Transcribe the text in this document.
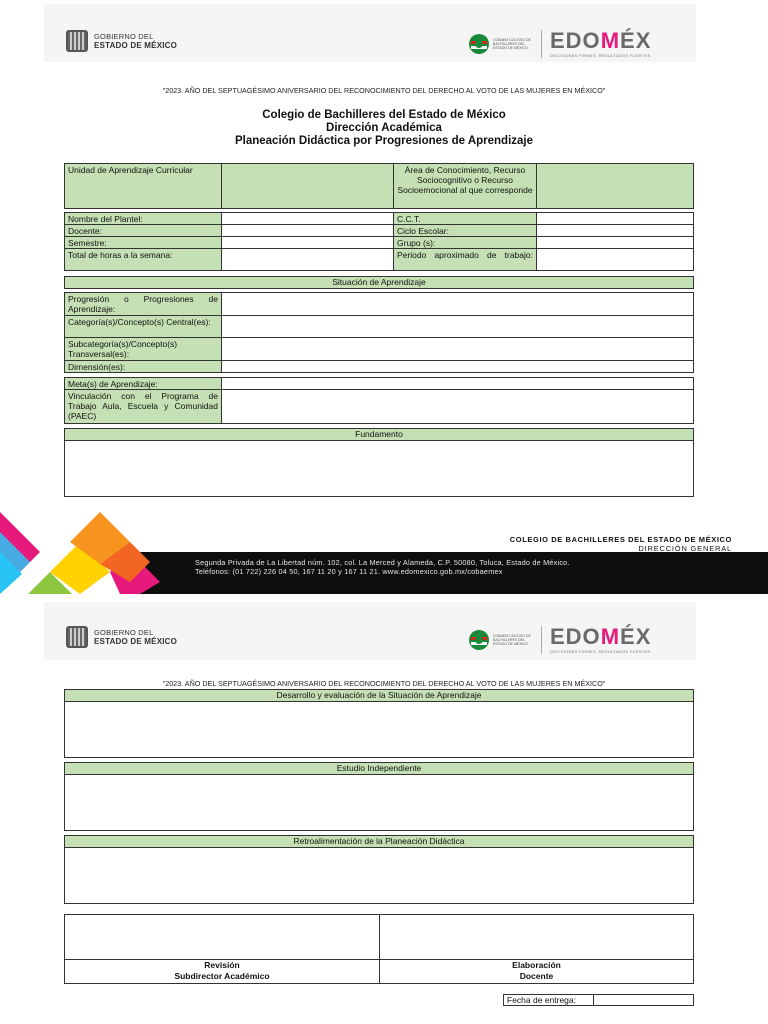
GOBIERNO DEL
ESTADO DE MÉXICO
COBAEM COLEGIO DE BACHILLERES DEL ESTADO DE MÉXICO EDOMÉX
DECISIONES FIRMES, RESULTADOS FUERTES.
"2023. AÑO DEL SEPTUAGÉSIMO ANIVERSARIO DEL RECONOCIMIENTO DEL DERECHO AL VOTO DE LAS MUJERES EN MÉXICO"
Colegio de Bachilleres del Estado de México
Dirección Académica
Planeación Didáctica por Progresiones de Aprendizaje
Unidad de Aprendizaje Curricular	Área de Conocimiento, Recurso Sociocognitivo o Recurso Socioemocional al que corresponde
Nombre del Plantel:	C.C.T.
Docente:	Ciclo Escolar:
Semestre:	Grupo (s):
Total de horas a la semana:	Periodo aproximado de trabajo:
Situación de Aprendizaje
Progresión o Progresiones de Aprendizaje:
Categoría(s)/Concepto(s) Central(es):
Subcategoría(s)/Concepto(s) Transversal(es):
Dimensión(es):
Meta(s) de Aprendizaje:
Vinculación con el Programa de Trabajo Aula, Escuela y Comunidad (PAEC)
Fundamento
COLEGIO DE BACHILLERES DEL ESTADO DE MÉXICO
DIRECCIÓN GENERAL
Segunda Privada de La Libertad núm. 102, col. La Merced y Alameda, C.P. 50080, Toluca, Estado de México.
Teléfonos: (01 722) 226 04 50, 167 11 20 y 167 11 21. www.edomexico.gob.mx/cobaemex
GOBIERNO DEL
ESTADO DE MÉXICO
COBAEM COLEGIO DE BACHILLERES DEL ESTADO DE MÉXICO EDOMÉX
DECISIONES FIRMES, RESULTADOS FUERTES.
"2023. AÑO DEL SEPTUAGÉSIMO ANIVERSARIO DEL RECONOCIMIENTO DEL DERECHO AL VOTO DE LAS MUJERES EN MÉXICO"
Desarrollo y evaluación de la Situación de Aprendizaje
Estudio Independiente
Retroalimentación de la Planeación Didáctica
Revisión
Subdirector Académico
Elaboración
Docente
Fecha de entrega:
